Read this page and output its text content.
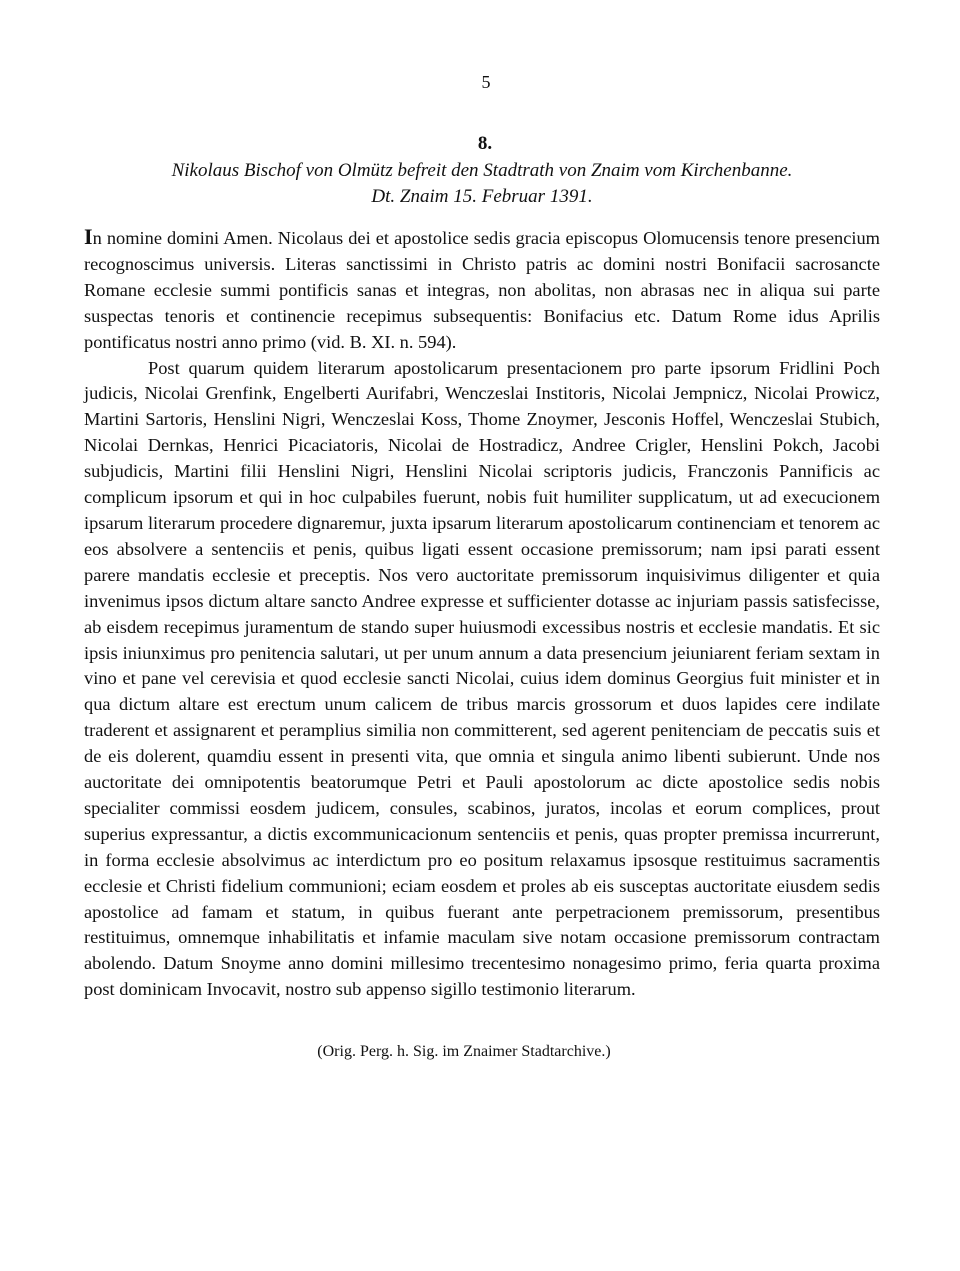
5
8.
Nikolaus Bischof von Olmütz befreit den Stadtrath von Znaim vom Kirchenbanne.
Dt. Znaim 15. Februar 1391.

In nomine domini Amen. Nicolaus dei et apostolice sedis gracia episcopus Olomucensis tenore presencium recognoscimus universis. Literas sanctissimi in Christo patris ac domini nostri Bonifacii sacrosancte Romane ecclesie summi pontificis sanas et integras, non abolitas, non abrasas nec in aliqua sui parte suspectas tenoris et continencie recepimus subsequentis: Bonifacius etc. Datum Rome idus Aprilis pontificatus nostri anno primo (vid. B. XI. n. 594).

Post quarum quidem literarum apostolicarum presentacionem pro parte ipsorum Fridlini Poch judicis, Nicolai Grenfink, Engelberti Aurifabri, Wenczeslai Institoris, Nicolai Jempnicz, Nicolai Prowicz, Martini Sartoris, Henslini Nigri, Wenczeslai Koss, Thome Znoymer, Jesconis Hoffel, Wenczeslai Stubich, Nicolai Dernkas, Henrici Picaciatoris, Nicolai de Hostradicz, Andree Crigler, Henslini Pokch, Jacobi subjudicis, Martini filii Henslini Nigri, Henslini Nicolai scriptoris judicis, Franczonis Pannificis ac complicum ipsorum et qui in hoc culpabiles fuerunt, nobis fuit humiliter supplicatum, ut ad execucionem ipsarum literarum procedere dignaremur, juxta ipsarum literarum apostolicarum continenciam et tenorem ac eos absolvere a sentenciis et penis, quibus ligati essent occasione premissorum; nam ipsi parati essent parere mandatis ecclesie et preceptis. Nos vero auctoritate premissorum inquisivimus diligenter et quia invenimus ipsos dictum altare sancto Andree expresse et sufficienter dotasse ac injuriam passis satisfecisse, ab eisdem recepimus juramentum de stando super huiusmodi excessibus nostris et ecclesie mandatis. Et sic ipsis iniunximus pro penitencia salutari, ut per unum annum a data presencium jeiuniarent feriam sextam in vino et pane vel cerevisia et quod ecclesie sancti Nicolai, cuius idem dominus Georgius fuit minister et in qua dictum altare est erectum unum calicem de tribus marcis grossorum et duos lapides cere indilate traderent et assignarent et peramplius similia non committerent, sed agerent penitenciam de peccatis suis et de eis dolerent, quamdiu essent in presenti vita, que omnia et singula animo libenti subierunt. Unde nos auctoritate dei omnipotentis beatorumque Petri et Pauli apostolorum ac dicte apostolice sedis nobis specialiter commissi eosdem judicem, consules, scabinos, juratos, incolas et eorum complices, prout superius expressantur, a dictis excommunicacionum sentenciis et penis, quas propter premissa incurrerunt, in forma ecclesie absolvimus ac interdictum pro eo positum relaxamus ipsosque restituimus sacramentis ecclesie et Christi fidelium communioni; eciam eosdem et proles ab eis susceptas auctoritate eiusdem sedis apostolice ad famam et statum, in quibus fuerant ante perpetracionem premissorum, presentibus restituimus, omnemque inhabilitatis et infamie maculam sive notam occasione premissorum contractam abolendo. Datum Snoyme anno domini millesimo trecentesimo nonagesimo primo, feria quarta proxima post dominicam Invocavit, nostro sub appenso sigillo testimonio literarum.

(Orig. Perg. h. Sig. im Znaimer Stadtarchive.)
